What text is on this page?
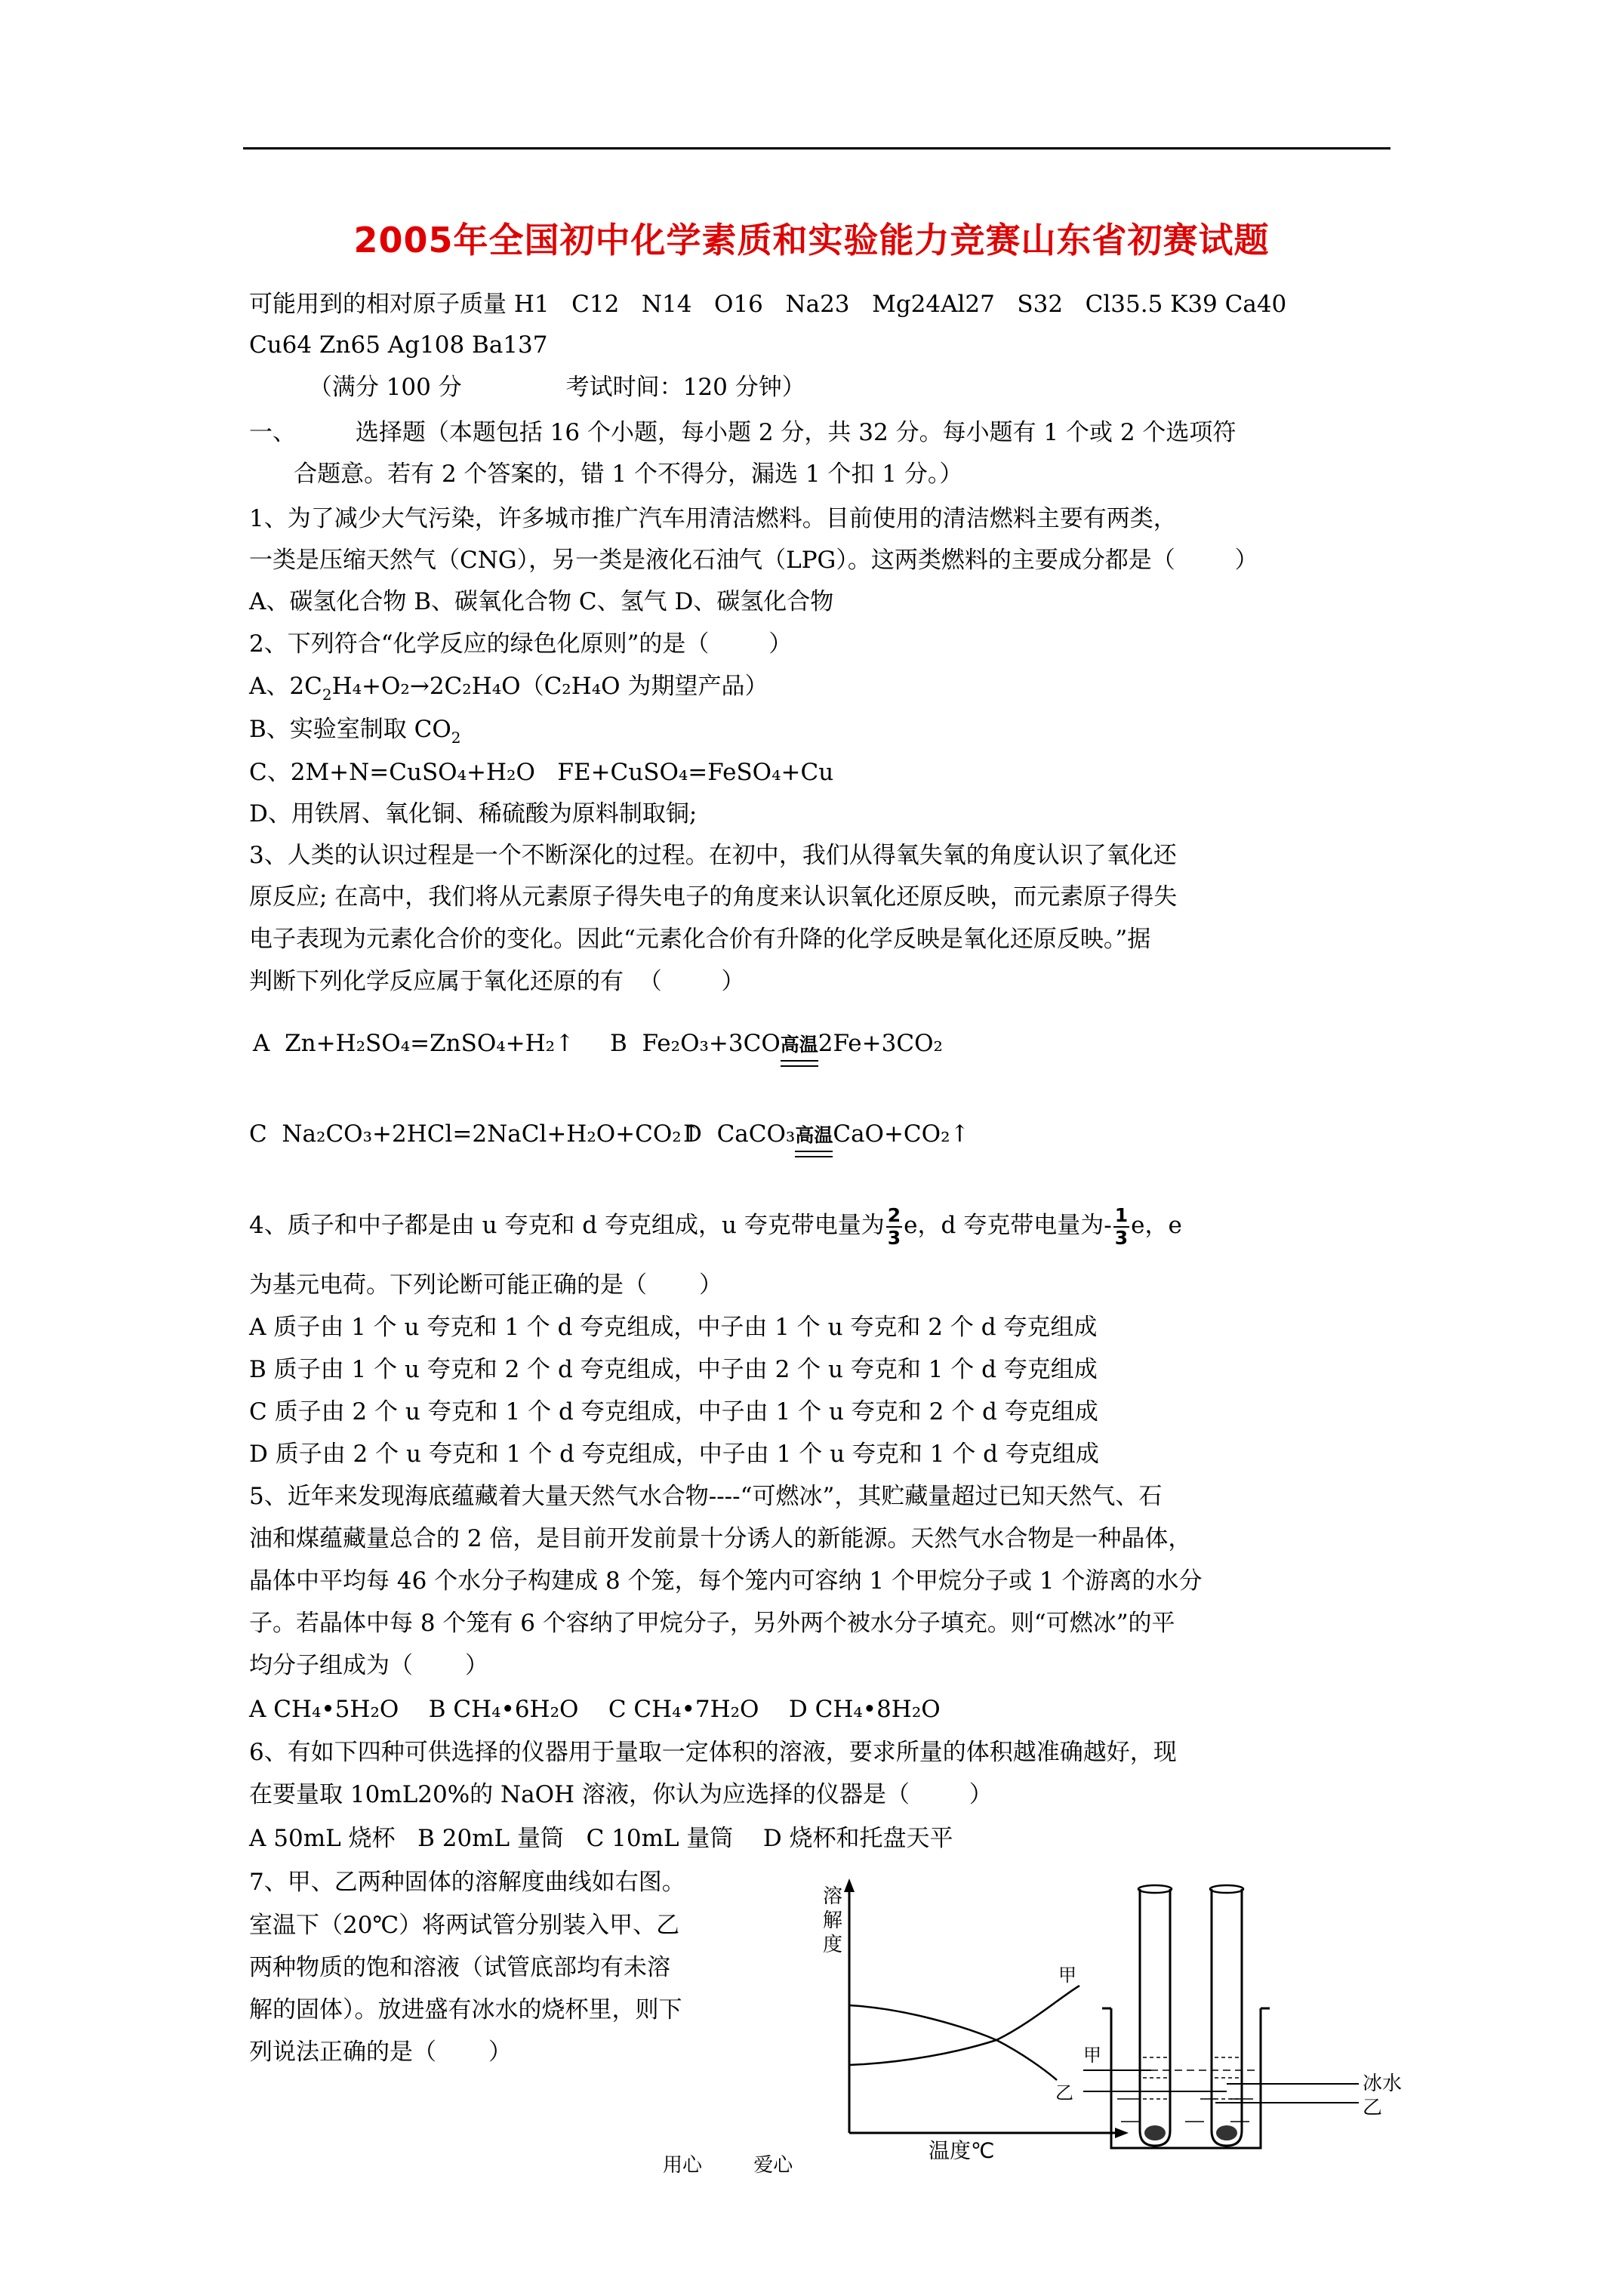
2005年全国初中化学素质和实验能力竞赛山东省初赛试题
可能用到的相对原子质量 H1   C12   N14   O16   Na23   Mg24Al27   S32   Cl35.5 K39 Ca40
Cu64 Zn65 Ag108 Ba137
（满分 100 分              考试时间：120 分钟）
一、        选择题（本题包括 16 个小题，每小题 2 分，共 32 分。每小题有 1 个或 2 个选项符
合题意。若有 2 个答案的，错 1 个不得分，漏选 1 个扣 1 分。）
1、为了减少大气污染，许多城市推广汽车用清洁燃料。目前使用的清洁燃料主要有两类，
一类是压缩天然气（CNG），另一类是液化石油气（LPG）。这两类燃料的主要成分都是（        ）
A、碳氢化合物 B、碳氧化合物 C、氢气 D、碳氢化合物
2、下列符合“化学反应的绿色化原则”的是（        ）
A、$2C_2H_4+O_2\to 2C_2H_4O(C_2H_4O$ 为期望产品）
B、实验室制取 $CO_2$
C、2M+N=CuSO₄+H₂O   FE+CuSO₄=FeSO₄+Cu
D、用铁屑、氧化铜、稀硫酸为原料制取铜;
3、人类的认识过程是一个不断深化的过程。在初中，我们从得氧失氧的角度认识了氧化还
原反应; 在高中，我们将从元素原子得失电子的角度来认识氧化还原反映，而元素原子得失
电子表现为元素化合价的变化。因此“元素化合价有升降的化学反映是氧化还原反映。”据
判断下列化学反应属于氧化还原的有  （        ）
A  Zn+H₂SO₄=ZnSO₄+H₂↑ B  Fe₂O₃+3CO高温2Fe+3CO₂
C  Na₂CO₃+2HCl=2NaCl+H₂O+CO₂↑
D  CaCO₃高温CaO+CO₂↑
4、质子和中子都是由 u 夸克和 d 夸克组成，u 夸克带电量为 $\frac{2}{3}$ e，d 夸克带电量为- $\frac{1}{3}$ e，e
为基元电荷。下列论断可能正确的是（       ）
A 质子由 1 个 u 夸克和 1 个 d 夸克组成，中子由 1 个 u 夸克和 2 个 d 夸克组成
B 质子由 1 个 u 夸克和 2 个 d 夸克组成，中子由 2 个 u 夸克和 1 个 d 夸克组成
C 质子由 2 个 u 夸克和 1 个 d 夸克组成，中子由 1 个 u 夸克和 2 个 d 夸克组成
D 质子由 2 个 u 夸克和 1 个 d 夸克组成，中子由 1 个 u 夸克和 1 个 d 夸克组成
5、近年来发现海底蕴藏着大量天然气水合物----“可燃冰”，其贮藏量超过已知天然气、石
油和煤蕴藏量总合的 2 倍，是目前开发前景十分诱人的新能源。天然气水合物是一种晶体，
晶体中平均每 46 个水分子构建成 8 个笼，每个笼内可容纳 1 个甲烷分子或 1 个游离的水分
子。若晶体中每 8 个笼有 6 个容纳了甲烷分子，另外两个被水分子填充。则“可燃冰”的平
均分子组成为（       ）
A CH₄•5H₂O    B CH₄•6H₂O    C CH₄•7H₂O    D CH₄•8H₂O
6、有如下四种可供选择的仪器用于量取一定体积的溶液，要求所量的体积越准确越好，现
在要量取 10mL20%的 NaOH 溶液，你认为应选择的仪器是（        ）
A 50mL 烧杯   B 20mL 量筒   C 10mL 量筒    D 烧杯和托盘天平
7、甲、乙两种固体的溶解度曲线如右图。
室温下（20℃）将两试管分别装入甲、乙
两种物质的饱和溶液（试管底部均有未溶
解的固体）。放进盛有冰水的烧杯里，则下
列说法正确的是（       ）
溶
解
度
甲
温度℃
甲
乙	冰水
乙
用心	爱心
